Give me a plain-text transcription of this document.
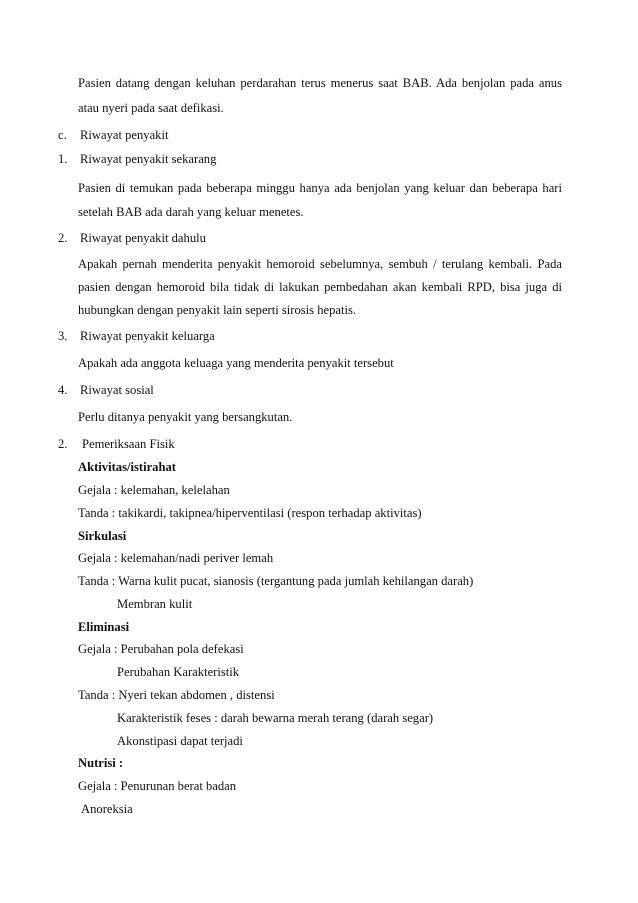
Pasien datang dengan keluhan perdarahan terus menerus saat BAB. Ada benjolan pada anus
atau nyeri pada saat defikasi.
c. Riwayat penyakit
1. Riwayat penyakit sekarang
Pasien di temukan pada beberapa minggu hanya ada benjolan yang keluar dan beberapa hari
setelah BAB ada darah yang keluar menetes.
2. Riwayat penyakit dahulu
Apakah pernah menderita penyakit hemoroid sebelumnya, sembuh / terulang kembali. Pada
pasien dengan hemoroid bila tidak di lakukan pembedahan akan kembali RPD, bisa juga di
hubungkan dengan penyakit lain seperti sirosis hepatis.
3. Riwayat penyakit keluarga
Apakah ada anggota keluaga yang menderita penyakit tersebut
4. Riwayat sosial
Perlu ditanya penyakit yang bersangkutan.
2. Pemeriksaan Fisik
Aktivitas/istirahat
Gejala : kelemahan, kelelahan
Tanda : takikardi, takipnea/hiperventilasi (respon terhadap aktivitas)
Sirkulasi
Gejala : kelemahan/nadi periver lemah
Tanda : Warna kulit pucat, sianosis (tergantung pada jumlah kehilangan darah)
Membran kulit
Eliminasi
Gejala : Perubahan pola defekasi
Perubahan Karakteristik
Tanda : Nyeri tekan abdomen , distensi
Karakteristik feses : darah bewarna merah terang (darah segar)
Akonstipasi dapat terjadi
Nutrisi :
Gejala : Penurunan berat badan
Anoreksia
